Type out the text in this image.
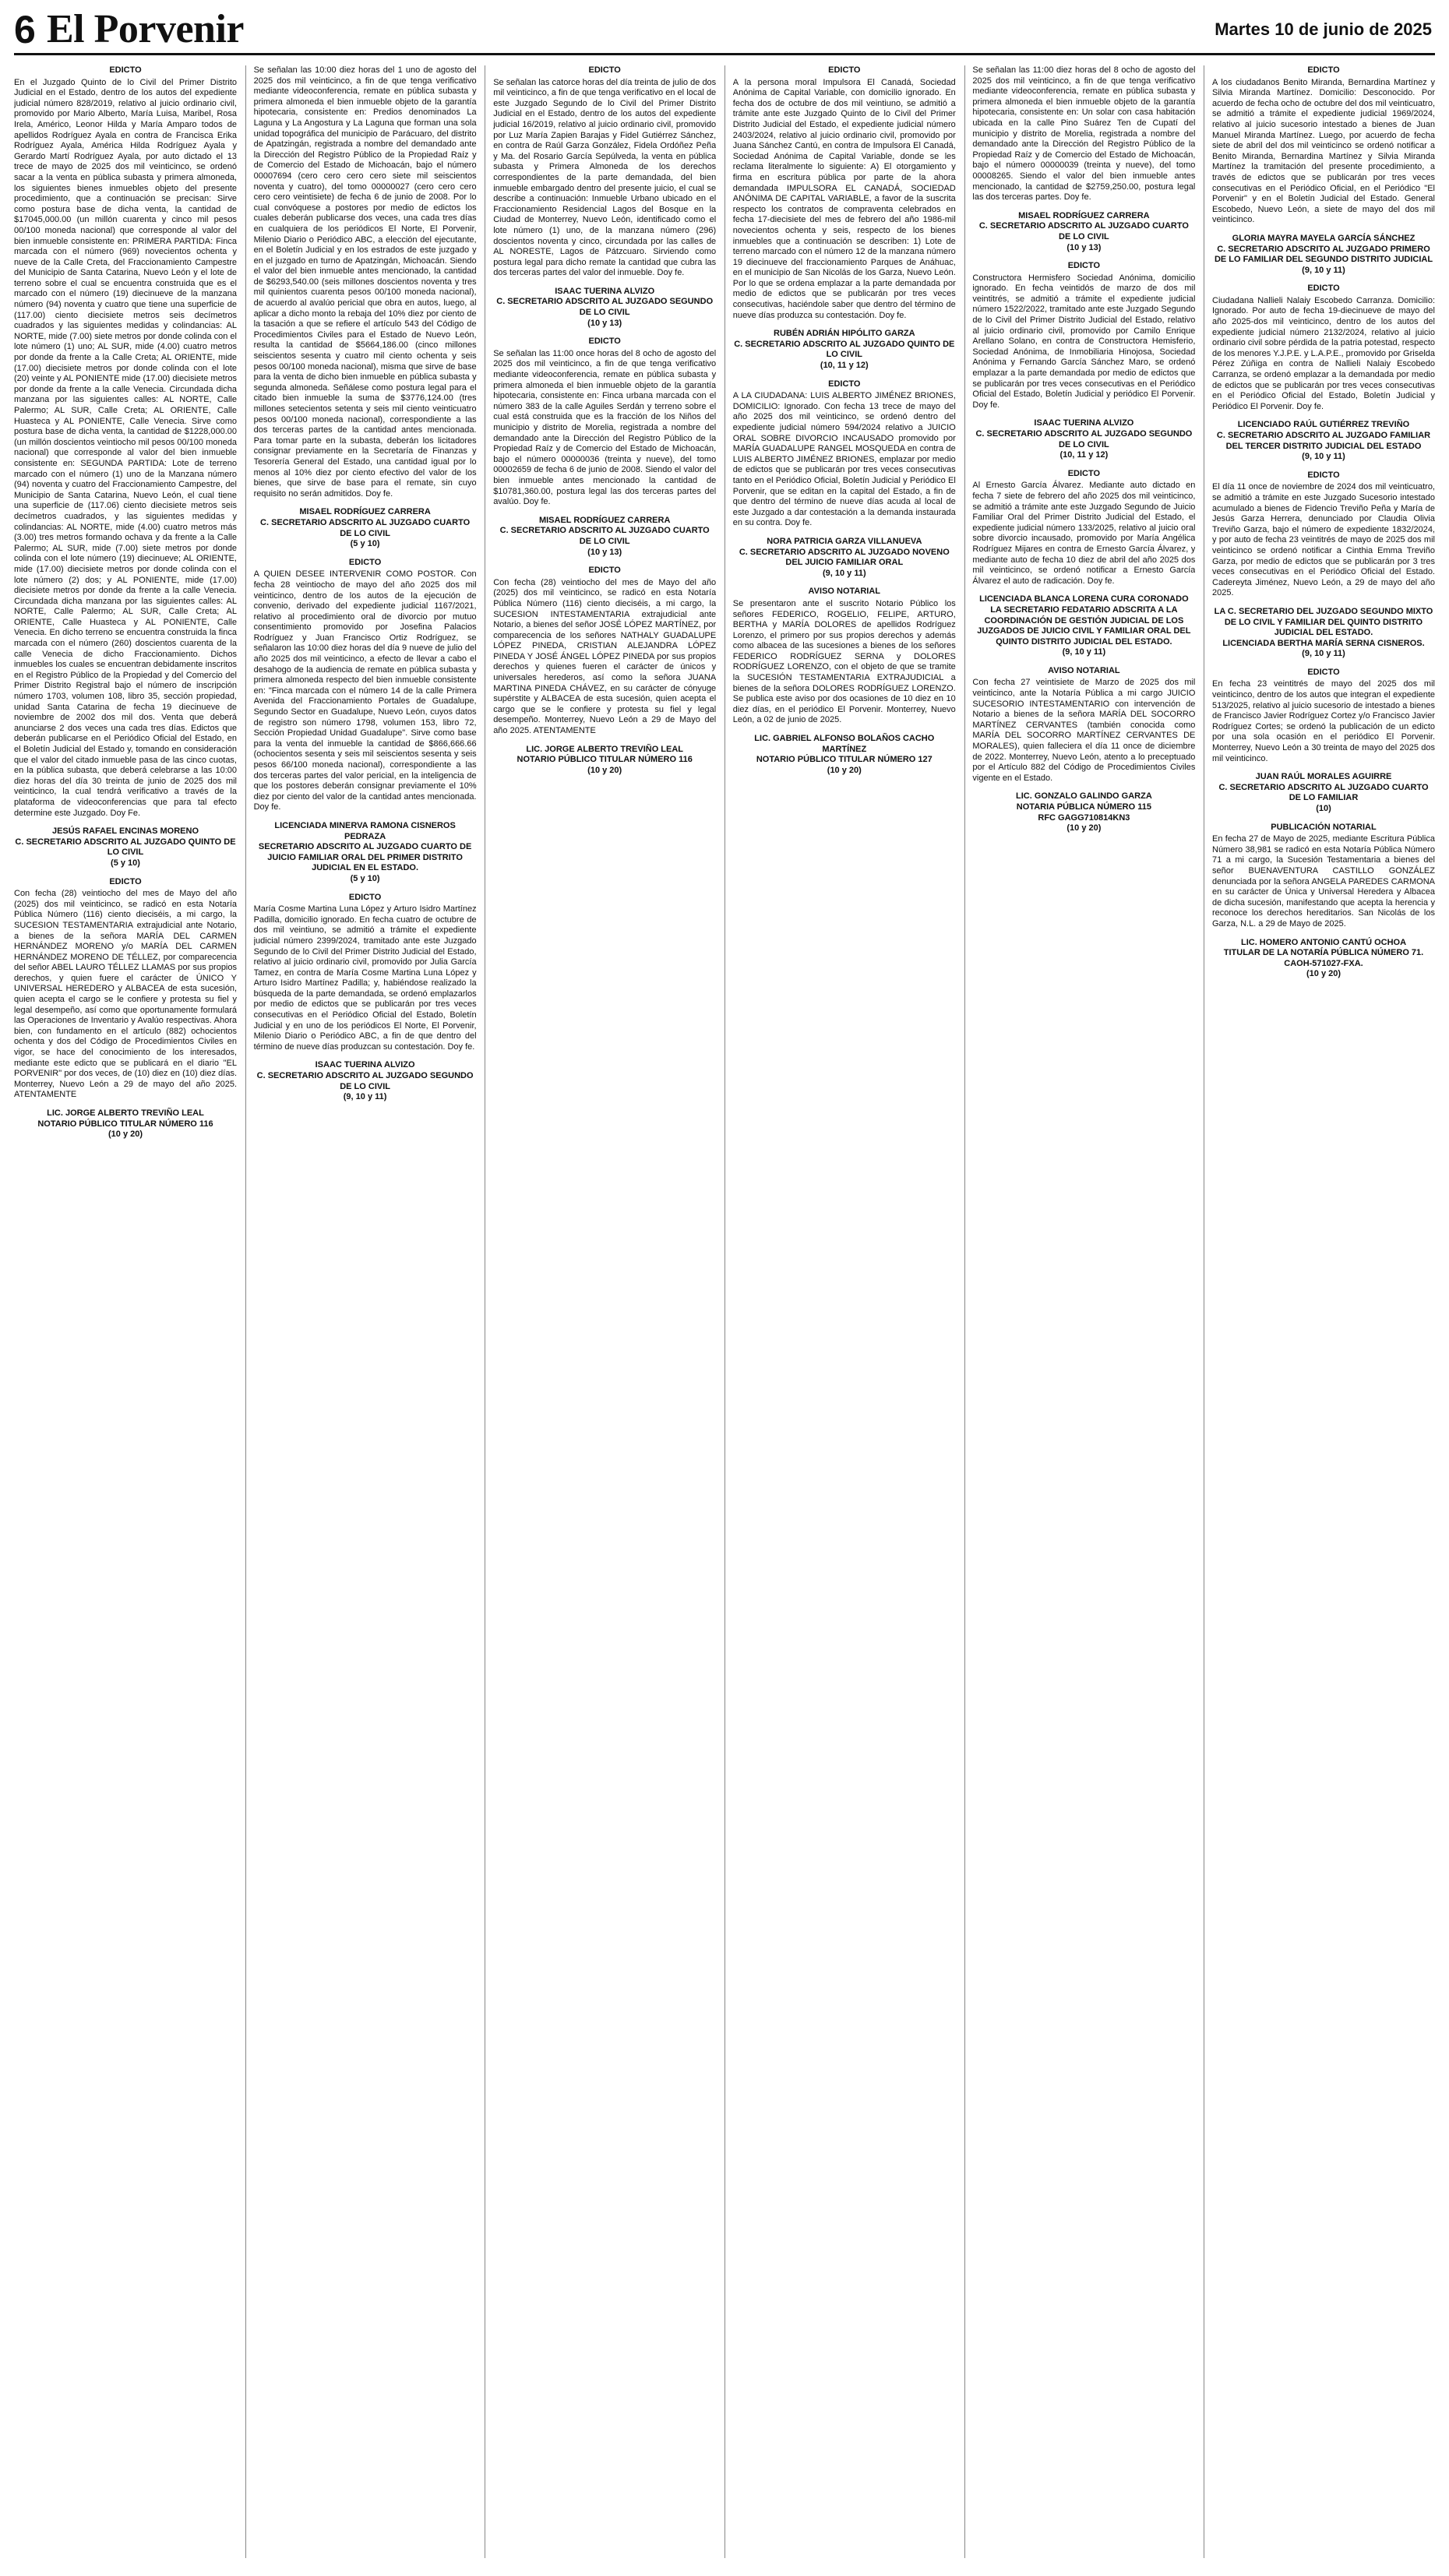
6 El Porvenir	Martes 10 de junio de 2025
EDICTO
En el Juzgado Quinto de lo Civil del Primer Distrito Judicial en el Estado, dentro de los autos del expediente judicial número 828/2019, relativo al juicio ordinario civil, promovido por Mario Alberto, María Luisa, Maribel, Rosa Irela, Américo, Leonor Hilda y María Amparo todos de apellidos Rodríguez Ayala en contra de Francisca Erika Rodríguez Ayala, América Hilda Rodríguez Ayala y Gerardo Martí Rodríguez Ayala, por auto dictado el 13 trece de mayo de 2025 dos mil veinticinco, se ordenó sacar a la venta en pública subasta y primera almoneda, los siguientes bienes inmuebles objeto del presente procedimiento, que a continuación se precisan: Sirve como postura base de dicha venta, la cantidad de $17045,000.00 (un millón cuarenta y cinco mil pesos 00/100 moneda nacional) que corresponde al valor del bien inmueble consistente en: PRIMERA PARTIDA: Finca marcada con el número (969) novecientos ochenta y nueve de la Calle Creta, del Fraccionamiento Campestre del Municipio de Santa Catarina, Nuevo León y el lote de terreno sobre el cual se encuentra construida que es el marcado con el número (19) diecinueve de la manzana número (94) noventa y cuatro que tiene una superficie de (117.00) ciento diecisiete metros seis decímetros cuadrados y las siguientes medidas y colindancias: AL NORTE, mide (7.00) siete metros por donde colinda con el lote número (1) uno; AL SUR, mide (4.00) cuatro metros por donde da frente a la Calle Creta; AL ORIENTE, mide (17.00) diecisiete metros por donde colinda con el lote (20) veinte y AL PONIENTE mide (17.00) diecisiete metros por donde da frente a la calle Venecia. Circundada dicha manzana por las siguientes calles: AL NORTE, Calle Palermo; AL SUR, Calle Creta; AL ORIENTE, Calle Huasteca y AL PONIENTE, Calle Venecia. Sirve como postura base de dicha venta, la cantidad de $1228,000.00 (un millón doscientos veintiocho mil pesos 00/100 moneda nacional) que corresponde al valor del bien inmueble consistente en: SEGUNDA PARTIDA: Lote de terreno marcado con el número (1) uno de la Manzana número (94) noventa y cuatro del Fraccionamiento Campestre, del Municipio de Santa Catarina, Nuevo León, el cual tiene una superficie de (117.06) ciento diecisiete metros seis decímetros cuadrados, y las siguientes medidas y colindancias: AL NORTE, mide (4.00) cuatro metros más (3.00) tres metros formando ochava y da frente a la Calle Palermo; AL SUR, mide (7.00) siete metros por donde colinda con el lote número (19) diecinueve; AL ORIENTE, mide (17.00) diecisiete metros por donde colinda con el lote número (2) dos; y AL PONIENTE, mide (17.00) diecisiete metros por donde da frente a la calle Venecia. Circundada dicha manzana por las siguientes calles: AL NORTE, Calle Palermo; AL SUR, Calle Creta; AL ORIENTE, Calle Huasteca y AL PONIENTE, Calle Venecia. En dicho terreno se encuentra construida la finca marcada con el número (260) doscientos cuarenta de la calle Venecia de dicho Fraccionamiento. Dichos inmuebles los cuales se encuentran debidamente inscritos en el Registro Público de la Propiedad y del Comercio del Primer Distrito Registral bajo el número de inscripción número 1703, volumen 108, libro 35, sección propiedad, unidad Santa Catarina de fecha 19 diecinueve de noviembre de 2002 dos mil dos. Venta que deberá anunciarse 2 dos veces una cada tres días. Edictos que deberán publicarse en el Periódico Oficial del Estado, en el Boletín Judicial del Estado y, tomando en consideración que el valor del citado inmueble pasa de las cinco cuotas, en la pública subasta, que deberá celebrarse a las 10:00 diez horas del día 30 treinta de junio de 2025 dos mil veinticinco, la cual tendrá verificativo a través de la plataforma de videoconferencias que para tal efecto determine este Juzgado. Doy Fe.
JESÚS RAFAEL ENCINAS MORENO
C. SECRETARIO ADSCRITO AL JUZGADO QUINTO DE LO CIVIL
(5 y 10)
EDICTO
Con fecha (28) veintiocho del mes de Mayo del año (2025) dos mil veinticinco, se radicó en esta Notaría Pública Número (116) ciento dieciséis, a mi cargo, la SUCESION TESTAMENTARIA extrajudicial ante Notario, a bienes de la señora MARÍA DEL CARMEN HERNÁNDEZ MORENO y/o MARÍA DEL CARMEN HERNÁNDEZ MORENO DE TÉLLEZ, por comparecencia del señor ABEL LAURO TÉLLEZ LLAMAS por sus propios derechos, y quien fuere el carácter de ÚNICO Y UNIVERSAL HEREDERO y ALBACEA de esta sucesión, quien acepta el cargo se le confiere y protesta su fiel y legal desempeño, así como que oportunamente formulará las Operaciones de Inventario y Avalúo respectivas. Ahora bien, con fundamento en el artículo (882) ochocientos ochenta y dos del Código de Procedimientos Civiles en vigor, se hace del conocimiento de los interesados, mediante este edicto que se publicará en el diario "EL PORVENIR" por dos veces, de (10) diez en (10) diez días. Monterrey, Nuevo León a 29 de mayo del año 2025. ATENTAMENTE
LIC. JORGE ALBERTO TREVIÑO LEAL
NOTARIO PÚBLICO TITULAR NÚMERO 116
(10 y 20)
Se señalan las 10:00 diez horas del 1 uno de agosto del 2025 dos mil veinticinco, a fin de que tenga verificativo mediante videoconferencia, remate en pública subasta y primera almoneda el bien inmueble objeto de la garantía hipotecaria, consistente en: Predios denominados La Laguna y La Angostura y La Laguna que forman una sola unidad topográfica del municipio de Parácuaro, del distrito de Apatzingán, registrada a nombre del demandado ante la Dirección del Registro Público de la Propiedad Raíz y de Comercio del Estado de Michoacán, bajo el número 00007694 (cero cero cero cero siete mil seiscientos noventa y cuatro), del tomo 00000027 (cero cero cero cero cero veintisiete) de fecha 6 de junio de 2008. Por lo cual convóquese a postores por medio de edictos los cuales deberán publicarse dos veces, una cada tres días en cualquiera de los periódicos El Norte, El Porvenir, Milenio Diario o Periódico ABC, a elección del ejecutante, en el Boletín Judicial y en los estrados de este juzgado y en el juzgado en turno de Apatzingán, Michoacán. Siendo el valor del bien inmueble antes mencionado, la cantidad de $6293,540.00 (seis millones doscientos noventa y tres mil quinientos cuarenta pesos 00/100 moneda nacional), de acuerdo al avalúo pericial que obra en autos, luego, al aplicar a dicho monto la rebaja del 10% diez por ciento de la tasación a que se refiere el artículo 543 del Código de Procedimientos Civiles para el Estado de Nuevo León, resulta la cantidad de $5664,186.00 (cinco millones seiscientos sesenta y cuatro mil ciento ochenta y seis pesos 00/100 moneda nacional), misma que sirve de base para la venta de dicho bien inmueble en pública subasta y segunda almoneda. Señálese como postura legal para el citado bien inmueble la suma de $3776,124.00 (tres millones setecientos setenta y seis mil ciento veinticuatro pesos 00/100 moneda nacional), correspondiente a las dos terceras partes de la cantidad antes mencionada. Para tomar parte en la subasta, deberán los licitadores consignar previamente en la Secretaría de Finanzas y Tesorería General del Estado, una cantidad igual por lo menos al 10% diez por ciento efectivo del valor de los bienes, que sirve de base para el remate, sin cuyo requisito no serán admitidos. Doy fe.
MISAEL RODRÍGUEZ CARRERA
C. SECRETARIO ADSCRITO AL JUZGADO CUARTO DE LO CIVIL
(5 y 10)
EDICTO
A QUIEN DESEE INTERVENIR COMO POSTOR. Con fecha 28 veintiocho de mayo del año 2025 dos mil veinticinco, dentro de los autos de la ejecución de convenio, derivado del expediente judicial 1167/2021, relativo al procedimiento oral de divorcio por mutuo consentimiento promovido por Josefina Palacios Rodríguez y Juan Francisco Ortiz Rodríguez, se señalaron las 10:00 diez horas del día 9 nueve de julio del año 2025 dos mil veinticinco, a efecto de llevar a cabo el desahogo de la audiencia de remate en pública subasta y primera almoneda respecto del bien inmueble consistente en: "Finca marcada con el número 14 de la calle Primera Avenida del Fraccionamiento Portales de Guadalupe, Segundo Sector en Guadalupe, Nuevo León, cuyos datos de registro son número 1798, volumen 153, libro 72, Sección Propiedad Unidad Guadalupe". Sirve como base para la venta del inmueble la cantidad de $866,666.66 (ochocientos sesenta y seis mil seiscientos sesenta y seis pesos 66/100 moneda nacional), correspondiente a las dos terceras partes del valor pericial, en la inteligencia de que los postores deberán consignar previamente el 10% diez por ciento del valor de la cantidad antes mencionada. Doy fe.
LICENCIADA MINERVA RAMONA CISNEROS PEDRAZA
SECRETARIO ADSCRITO AL JUZGADO CUARTO DE JUICIO FAMILIAR ORAL DEL PRIMER DISTRITO JUDICIAL EN EL ESTADO.
(5 y 10)
EDICTO
María Cosme Martina Luna López y Arturo Isidro Martínez Padilla, domicilio ignorado. En fecha cuatro de octubre de dos mil veintiuno, se admitió a trámite el expediente judicial número 2399/2024, tramitado ante este Juzgado Segundo de lo Civil del Primer Distrito Judicial del Estado, relativo al juicio ordinario civil, promovido por Julia García Tamez, en contra de María Cosme Martina Luna López y Arturo Isidro Martínez Padilla; y, habiéndose realizado la búsqueda de la parte demandada, se ordenó emplazarlos por medio de edictos que se publicarán por tres veces consecutivas en el Periódico Oficial del Estado, Boletín Judicial y en uno de los periódicos El Norte, El Porvenir, Milenio Diario o Periódico ABC, a fin de que dentro del término de nueve días produzcan su contestación. Doy fe.
ISAAC TUERINA ALVIZO
C. SECRETARIO ADSCRITO AL JUZGADO SEGUNDO DE LO CIVIL
(9, 10 y 11)
EDICTO
Se señalan las catorce horas del día treinta de julio de dos mil veinticinco, a fin de que tenga verificativo en el local de este Juzgado Segundo de lo Civil del Primer Distrito Judicial en el Estado, dentro de los autos del expediente judicial 16/2019, relativo al juicio ordinario civil, promovido por Luz María Zapien Barajas y Fidel Gutiérrez Sánchez, en contra de Raúl Garza González, Fidela Ordóñez Peña y Ma. del Rosario García Sepúlveda, la venta en pública subasta y Primera Almoneda de los derechos correspondientes de la parte demandada, del bien inmueble embargado dentro del presente juicio, el cual se describe a continuación: Inmueble Urbano ubicado en el Fraccionamiento Residencial Lagos del Bosque en la Ciudad de Monterrey, Nuevo León, identificado como el lote número (1) uno, de la manzana número (296) doscientos noventa y cinco, circundada por las calles de AL NORESTE, Lagos de Pátzcuaro. Sirviendo como postura legal para dicho remate la cantidad que cubra las dos terceras partes del valor del inmueble. Doy fe.
ISAAC TUERINA ALVIZO
C. SECRETARIO ADSCRITO AL JUZGADO SEGUNDO DE LO CIVIL
(10 y 13)
EDICTO
Se señalan las 11:00 once horas del 8 ocho de agosto del 2025 dos mil veinticinco, a fin de que tenga verificativo mediante videoconferencia, remate en pública subasta y primera almoneda el bien inmueble objeto de la garantía hipotecaria, consistente en: Finca urbana marcada con el número 383 de la calle Aguiles Serdán y terreno sobre el cual está construida que es la fracción de los Niños del municipio y distrito de Morelia, registrada a nombre del demandado ante la Dirección del Registro Público de la Propiedad Raíz y de Comercio del Estado de Michoacán, bajo el número 00000036 (treinta y nueve), del tomo 00002659 de fecha 6 de junio de 2008. Siendo el valor del bien inmueble antes mencionado la cantidad de $10781,360.00, postura legal las dos terceras partes del avalúo. Doy fe.
MISAEL RODRÍGUEZ CARRERA
C. SECRETARIO ADSCRITO AL JUZGADO CUARTO DE LO CIVIL
(10 y 13)
EDICTO
Con fecha (28) veintiocho del mes de Mayo del año (2025) dos mil veinticinco, se radicó en esta Notaría Pública Número (116) ciento dieciséis, a mi cargo, la SUCESION INTESTAMENTARIA extrajudicial ante Notario, a bienes del señor JOSÉ LÓPEZ MARTÍNEZ, por comparecencia de los señores NATHALY GUADALUPE LÓPEZ PINEDA, CRISTIAN ALEJANDRA LÓPEZ PINEDA Y JOSÉ ÁNGEL LÓPEZ PINEDA por sus propios derechos y quienes fueren el carácter de únicos y universales herederos, así como la señora JUANA MARTINA PINEDA CHÁVEZ, en su carácter de cónyuge supérstite y ALBACEA de esta sucesión, quien acepta el cargo que se le confiere y protesta su fiel y legal desempeño. Monterrey, Nuevo León a 29 de Mayo del año 2025. ATENTAMENTE
LIC. JORGE ALBERTO TREVIÑO LEAL
NOTARIO PÚBLICO TITULAR NÚMERO 116
(10 y 20)
EDICTO
A la persona moral Impulsora El Canadá, Sociedad Anónima de Capital Variable, con domicilio ignorado. En fecha dos de octubre de dos mil veintiuno, se admitió a trámite ante este Juzgado Quinto de lo Civil del Primer Distrito Judicial del Estado, el expediente judicial número 2403/2024, relativo al juicio ordinario civil, promovido por Juana Sánchez Cantú, en contra de Impulsora El Canadá, Sociedad Anónima de Capital Variable, donde se les reclama literalmente lo siguiente: A) El otorgamiento y firma en escritura pública por parte de la ahora demandada IMPULSORA EL CANADÁ, SOCIEDAD ANÓNIMA DE CAPITAL VARIABLE, a favor de la suscrita respecto los contratos de compraventa celebrados en fecha 17-diecisiete del mes de febrero del año 1986-mil novecientos ochenta y seis, respecto de los bienes inmuebles que a continuación se describen: 1) Lote de terreno marcado con el número 12 de la manzana número 19 diecinueve del fraccionamiento Parques de Anáhuac, en el municipio de San Nicolás de los Garza, Nuevo León. Por lo que se ordena emplazar a la parte demandada por medio de edictos que se publicarán por tres veces consecutivas, haciéndole saber que dentro del término de nueve días produzca su contestación. Doy fe.
RUBÉN ADRIÁN HIPÓLITO GARZA
C. SECRETARIO ADSCRITO AL JUZGADO QUINTO DE LO CIVIL
(10, 11 y 12)
EDICTO
A LA CIUDADANA: LUIS ALBERTO JIMÉNEZ BRIONES, DOMICILIO: Ignorado. Con fecha 13 trece de mayo del año 2025 dos mil veinticinco, se ordenó dentro del expediente judicial número 594/2024 relativo a JUICIO ORAL SOBRE DIVORCIO INCAUSADO promovido por MARÍA GUADALUPE RANGEL MOSQUEDA en contra de LUIS ALBERTO JIMÉNEZ BRIONES, emplazar por medio de edictos que se publicarán por tres veces consecutivas tanto en el Periódico Oficial, Boletín Judicial y Periódico El Porvenir, que se editan en la capital del Estado, a fin de que dentro del término de nueve días acuda al local de este Juzgado a dar contestación a la demanda instaurada en su contra. Doy fe.
NORA PATRICIA GARZA VILLANUEVA
C. SECRETARIO ADSCRITO AL JUZGADO NOVENO DEL JUICIO FAMILIAR ORAL
(9, 10 y 11)
AVISO NOTARIAL
Se presentaron ante el suscrito Notario Público los señores FEDERICO, ROGELIO, FELIPE, ARTURO, BERTHA y MARÍA DOLORES de apellidos Rodríguez Lorenzo, el primero por sus propios derechos y además como albacea de las sucesiones a bienes de los señores FEDERICO RODRÍGUEZ SERNA y DOLORES RODRÍGUEZ LORENZO, con el objeto de que se tramite la SUCESIÓN TESTAMENTARIA EXTRAJUDICIAL a bienes de la señora DOLORES RODRÍGUEZ LORENZO. Se publica este aviso por dos ocasiones de 10 diez en 10 diez días, en el periódico El Porvenir. Monterrey, Nuevo León, a 02 de junio de 2025.
LIC. GABRIEL ALFONSO BOLAÑOS CACHO MARTÍNEZ
NOTARIO PÚBLICO TITULAR NÚMERO 127
(10 y 20)
Se señalan las 11:00 diez horas del 8 ocho de agosto del 2025 dos mil veinticinco, a fin de que tenga verificativo mediante videoconferencia, remate en pública subasta y primera almoneda el bien inmueble objeto de la garantía hipotecaria, consistente en: Un solar con casa habitación ubicada en la calle Pino Suárez Ten de Cupatí del municipio y distrito de Morelia, registrada a nombre del demandado ante la Dirección del Registro Público de la Propiedad Raíz y de Comercio del Estado de Michoacán, bajo el número 00000039 (treinta y nueve), del tomo 00008265. Siendo el valor del bien inmueble antes mencionado, la cantidad de $2759,250.00, postura legal las dos terceras partes. Doy fe.
MISAEL RODRÍGUEZ CARRERA
C. SECRETARIO ADSCRITO AL JUZGADO CUARTO DE LO CIVIL
(10 y 13)
EDICTO
Constructora Hermisfero Sociedad Anónima, domicilio ignorado. En fecha veintidós de marzo de dos mil veintitrés, se admitió a trámite el expediente judicial número 1522/2022, tramitado ante este Juzgado Segundo de lo Civil del Primer Distrito Judicial del Estado, relativo al juicio ordinario civil, promovido por Camilo Enrique Arellano Solano, en contra de Constructora Hemisferio, Sociedad Anónima, de Inmobiliaria Hinojosa, Sociedad Anónima y Fernando García Sánchez Maro, se ordenó emplazar a la parte demandada por medio de edictos que se publicarán por tres veces consecutivas en el Periódico Oficial del Estado, Boletín Judicial y periódico El Porvenir. Doy fe.
ISAAC TUERINA ALVIZO
C. SECRETARIO ADSCRITO AL JUZGADO SEGUNDO DE LO CIVIL
(10, 11 y 12)
EDICTO
Al Ernesto García Álvarez. Mediante auto dictado en fecha 7 siete de febrero del año 2025 dos mil veinticinco, se admitió a trámite ante este Juzgado Segundo de Juicio Familiar Oral del Primer Distrito Judicial del Estado, el expediente judicial número 133/2025, relativo al juicio oral sobre divorcio incausado, promovido por María Angélica Rodríguez Mijares en contra de Ernesto García Álvarez, y mediante auto de fecha 10 diez de abril del año 2025 dos mil veinticinco, se ordenó notificar a Ernesto García Álvarez el auto de radicación. Doy fe.
LICENCIADA BLANCA LORENA CURA CORONADO
LA SECRETARIO FEDATARIO ADSCRITA A LA COORDINACIÓN DE GESTIÓN JUDICIAL DE LOS JUZGADOS DE JUICIO CIVIL Y FAMILIAR ORAL DEL QUINTO DISTRITO JUDICIAL DEL ESTADO.
(9, 10 y 11)
AVISO NOTARIAL
Con fecha 27 veintisiete de Marzo de 2025 dos mil veinticinco, ante la Notaría Pública a mi cargo JUICIO SUCESORIO INTESTAMENTARIO con intervención de Notario a bienes de la señora MARÍA DEL SOCORRO MARTÍNEZ CERVANTES (también conocida como MARÍA DEL SOCORRO MARTÍNEZ CERVANTES DE MORALES), quien falleciera el día 11 once de diciembre de 2022. Monterrey, Nuevo León, atento a lo preceptuado por el Artículo 882 del Código de Procedimientos Civiles vigente en el Estado.
LIC. GONZALO GALINDO GARZA
NOTARIA PÚBLICA NÚMERO 115
RFC GAGG710814KN3
(10 y 20)
EDICTO
A los ciudadanos Benito Miranda, Bernardina Martínez y Silvia Miranda Martínez. Domicilio: Desconocido. Por acuerdo de fecha ocho de octubre del dos mil veinticuatro, se admitió a trámite el expediente judicial 1969/2024, relativo al juicio sucesorio intestado a bienes de Juan Manuel Miranda Martínez. Luego, por acuerdo de fecha siete de abril del dos mil veinticinco se ordenó notificar a Benito Miranda, Bernardina Martínez y Silvia Miranda Martínez la tramitación del presente procedimiento, a través de edictos que se publicarán por tres veces consecutivas en el Periódico Oficial, en el Periódico "El Porvenir" y en el Boletín Judicial del Estado. General Escobedo, Nuevo León, a siete de mayo del dos mil veinticinco.
GLORIA MAYRA MAYELA GARCÍA SÁNCHEZ
C. SECRETARIO ADSCRITO AL JUZGADO PRIMERO DE LO FAMILIAR DEL SEGUNDO DISTRITO JUDICIAL
(9, 10 y 11)
EDICTO
Ciudadana Nallieli Nalaiy Escobedo Carranza. Domicilio: Ignorado. Por auto de fecha 19-diecinueve de mayo del año 2025-dos mil veinticinco, dentro de los autos del expediente judicial número 2132/2024, relativo al juicio ordinario civil sobre pérdida de la patria potestad, respecto de los menores Y.J.P.E. y L.A.P.E., promovido por Griselda Pérez Zúñiga en contra de Nallieli Nalaiy Escobedo Carranza, se ordenó emplazar a la demandada por medio de edictos que se publicarán por tres veces consecutivas en el Periódico Oficial del Estado, Boletín Judicial y Periódico El Porvenir. Doy fe.
LICENCIADO RAÚL GUTIÉRREZ TREVIÑO
C. SECRETARIO ADSCRITO AL JUZGADO FAMILIAR DEL TERCER DISTRITO JUDICIAL DEL ESTADO
(9, 10 y 11)
EDICTO
El día 11 once de noviembre de 2024 dos mil veinticuatro, se admitió a trámite en este Juzgado Sucesorio intestado acumulado a bienes de Fidencio Treviño Peña y María de Jesús Garza Herrera, denunciado por Claudia Olivia Treviño Garza, bajo el número de expediente 1832/2024, y por auto de fecha 23 veintitrés de mayo de 2025 dos mil veinticinco se ordenó notificar a Cinthia Emma Treviño Garza, por medio de edictos que se publicarán por 3 tres veces consecutivas en el Periódico Oficial del Estado. Cadereyta Jiménez, Nuevo León, a 29 de mayo del año 2025.
LA C. SECRETARIO DEL JUZGADO SEGUNDO MIXTO DE LO CIVIL Y FAMILIAR DEL QUINTO DISTRITO JUDICIAL DEL ESTADO.
LICENCIADA BERTHA MARÍA SERNA CISNEROS.
(9, 10 y 11)
EDICTO
En fecha 23 veintitrés de mayo del 2025 dos mil veinticinco, dentro de los autos que integran el expediente 513/2025, relativo al juicio sucesorio de intestado a bienes de Francisco Javier Rodríguez Cortez y/o Francisco Javier Rodríguez Cortes; se ordenó la publicación de un edicto por una sola ocasión en el periódico El Porvenir. Monterrey, Nuevo León a 30 treinta de mayo del 2025 dos mil veinticinco.
JUAN RAÚL MORALES AGUIRRE
C. SECRETARIO ADSCRITO AL JUZGADO CUARTO DE LO FAMILIAR
(10)
PUBLICACIÓN NOTARIAL
En fecha 27 de Mayo de 2025, mediante Escritura Pública Número 38,981 se radicó en esta Notaría Pública Número 71 a mi cargo, la Sucesión Testamentaria a bienes del señor BUENAVENTURA CASTILLO GONZÁLEZ denunciada por la señora ANGELA PAREDES CARMONA en su carácter de Única y Universal Heredera y Albacea de dicha sucesión, manifestando que acepta la herencia y reconoce los derechos hereditarios. San Nicolás de los Garza, N.L. a 29 de Mayo de 2025.
LIC. HOMERO ANTONIO CANTÚ OCHOA
TITULAR DE LA NOTARÍA PÚBLICA NÚMERO 71.
CAOH-571027-FXA.
(10 y 20)
